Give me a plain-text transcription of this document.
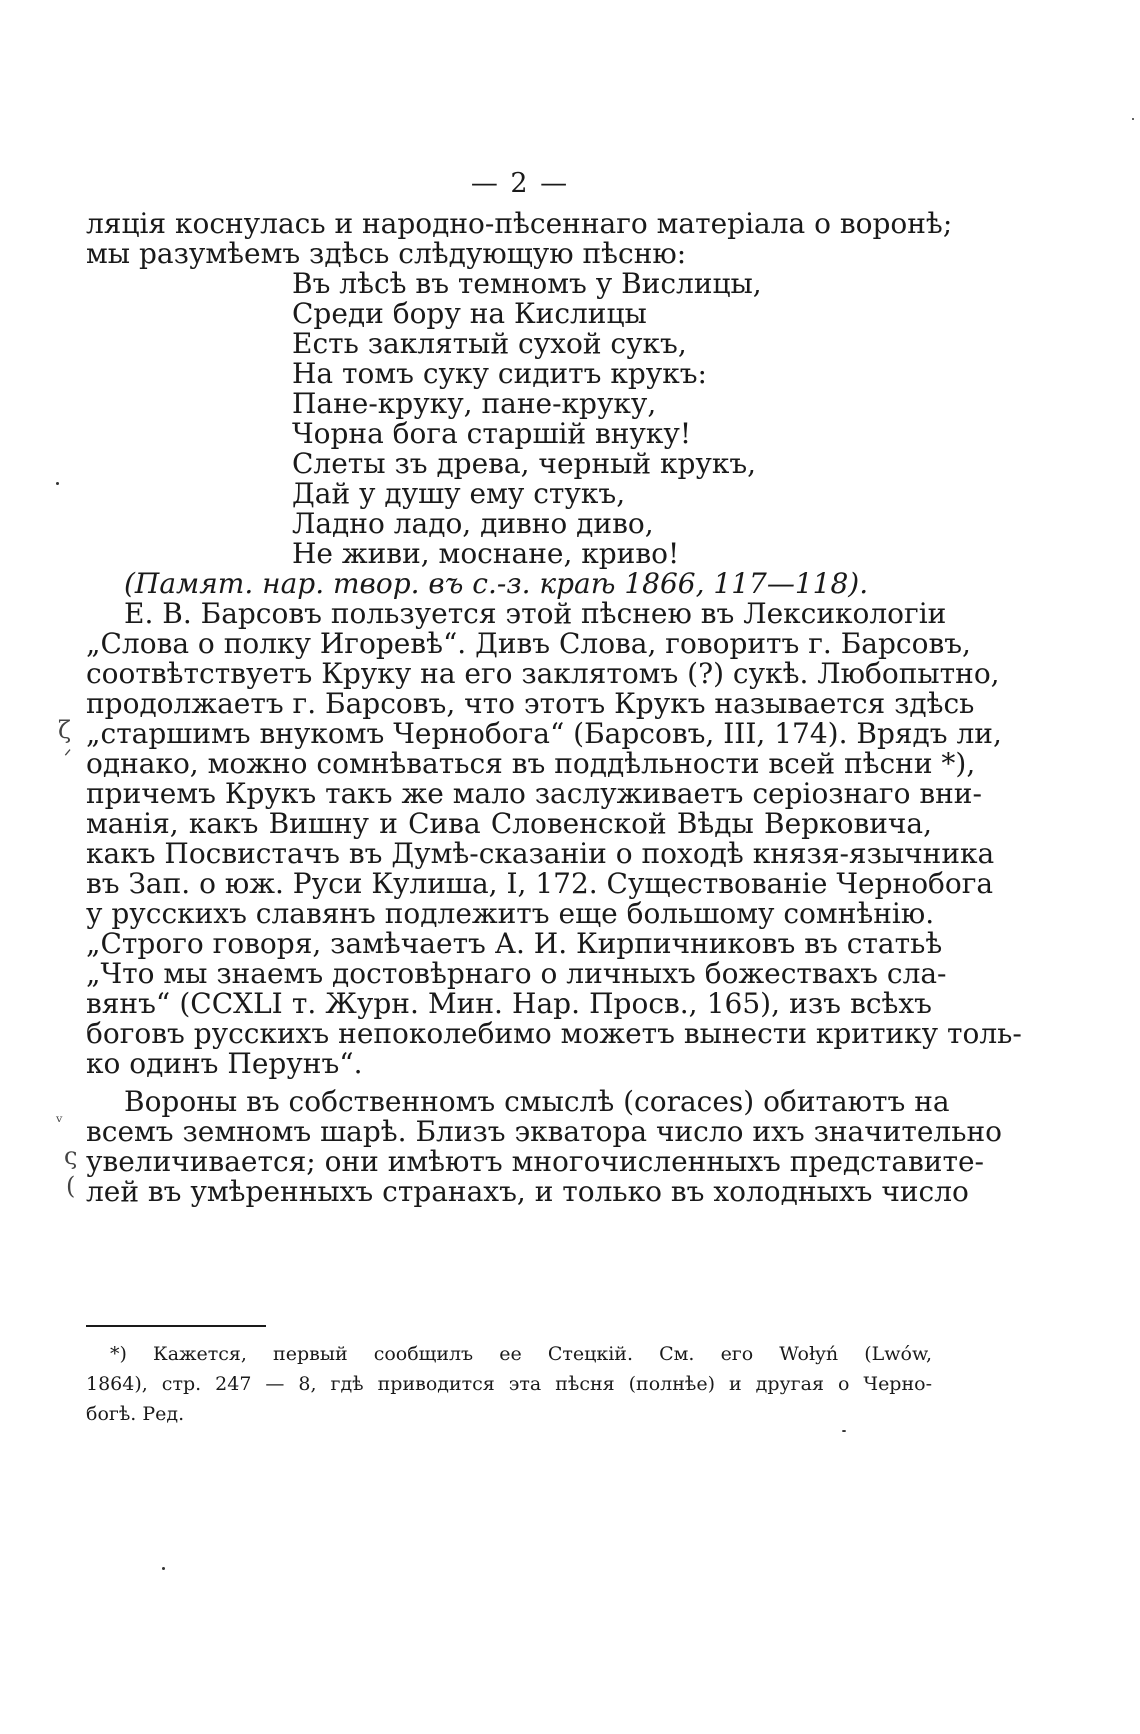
— 2 —
ляція коснулась и народно-пѣсеннаго матеріала о воронѣ;
мы разумѣемъ здѣсь слѣдующую пѣсню:
Въ лѣсѣ въ темномъ у Вислицы,
Среди бору на Кислицы
Есть заклятый сухой сукъ,
На томъ суку сидитъ крукъ:
Пане-круку, пане-круку,
Чорна бога старшій внуку!
Слеты зъ древа, черный крукъ,
Дай у душу ему стукъ,
Ладно ладо, дивно диво,
Не живи, моснане, криво!
(Памят. нар. твор. въ с.-з. краѣ 1866, 117—118).
Е. В. Барсовъ пользуется этой пѣснею въ Лексикологіи
„Слова о полку Игоревѣ“. Дивъ Слова, говоритъ г. Барсовъ,
соотвѣтствуетъ Круку на его заклятомъ (?) сукѣ. Любопытно,
продолжаетъ г. Барсовъ, что этотъ Крукъ называется здѣсь
„старшимъ внукомъ Чернобога“ (Барсовъ, III, 174). Врядъ ли,
однако, можно сомнѣваться въ поддѣльности всей пѣсни *),
причемъ Крукъ такъ же мало заслуживаетъ серіознаго вни-
манія, какъ Вишну и Сива Словенской Вѣды Верковича,
какъ Посвистачъ въ Думѣ-сказаніи о походѣ князя-язычника
въ Зап. о юж. Руси Кулиша, I, 172. Существованіе Чернобога
у русскихъ славянъ подлежитъ еще большому сомнѣнію.
„Строго говоря, замѣчаетъ А. И. Кирпичниковъ въ статьѣ
„Что мы знаемъ достовѣрнаго о личныхъ божествахъ сла-
вянъ“ (CCXLI т. Журн. Мин. Нар. Просв., 165), изъ всѣхъ
боговъ русскихъ непоколебимо можетъ вынести критику толь-
ко одинъ Перунъ“.
Вороны въ собственномъ смыслѣ (coraces) обитаютъ на
всемъ земномъ шарѣ. Близъ экватора число ихъ значительно
увеличивается; они имѣютъ многочисленныхъ представите-
лей въ умѣренныхъ странахъ, и только въ холодныхъ число
*) Кажется, первый сообщилъ ее Стецкій. См. его Wołyń (Lwów,
1864), стр. 247 — 8, гдѣ приводится эта пѣсня (полнѣе) и другая о Черно-
богѣ. Ред.
ζ
ᐟ
ᵛ
ς
(
